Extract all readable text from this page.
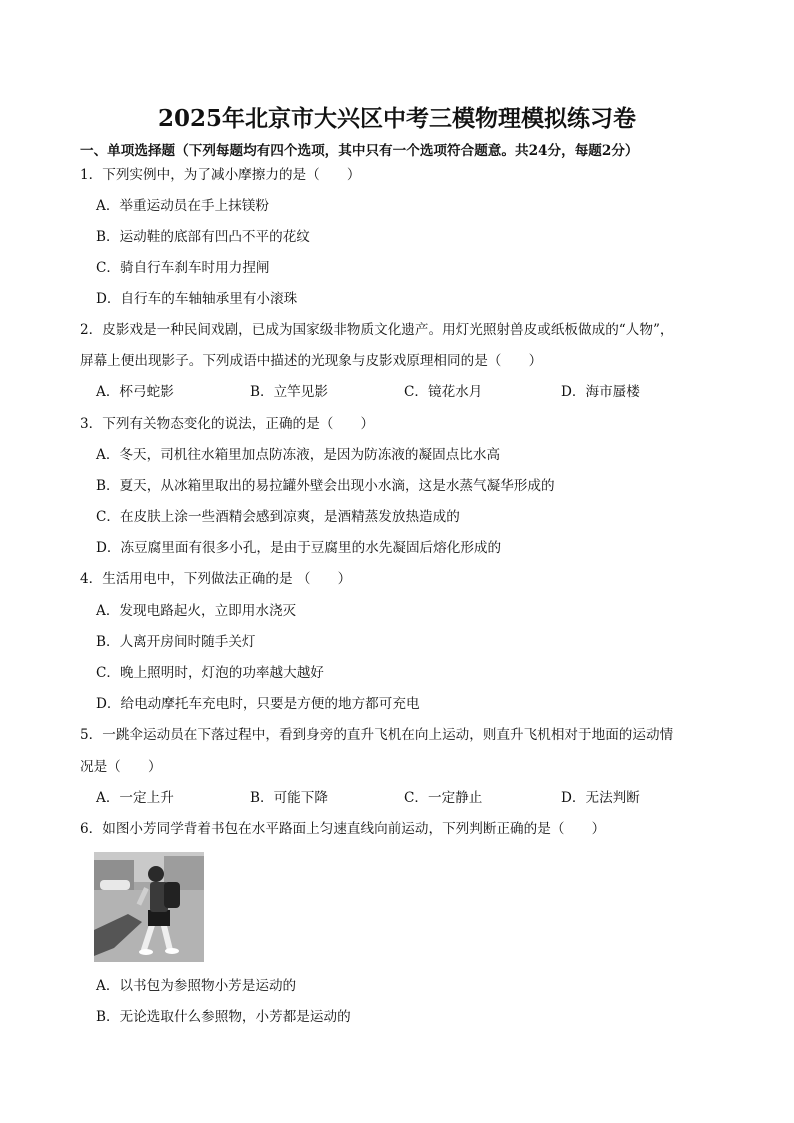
2025年北京市大兴区中考三模物理模拟练习卷
一、单项选择题（下列每题均有四个选项，其中只有一个选项符合题意。共24分，每题2分）
1．下列实例中，为了减小摩擦力的是（　　）
A．举重运动员在手上抹镁粉
B．运动鞋的底部有凹凸不平的花纹
C．骑自行车刹车时用力捏闸
D．自行车的车轴轴承里有小滚珠
2．皮影戏是一种民间戏剧，已成为国家级非物质文化遗产。用灯光照射兽皮或纸板做成的“人物”，
屏幕上便出现影子。下列成语中描述的光现象与皮影戏原理相同的是（　　）
A．杯弓蛇影	B．立竿见影	C．镜花水月	D．海市蜃楼
3．下列有关物态变化的说法，正确的是（　　）
A．冬天，司机往水箱里加点防冻液，是因为防冻液的凝固点比水高
B．夏天，从冰箱里取出的易拉罐外壁会出现小水滴，这是水蒸气凝华形成的
C．在皮肤上涂一些酒精会感到凉爽，是酒精蒸发放热造成的
D．冻豆腐里面有很多小孔，是由于豆腐里的水先凝固后熔化形成的
4．生活用电中，下列做法正确的是 （　　）
A．发现电路起火，立即用水浇灭
B．人离开房间时随手关灯
C．晚上照明时，灯泡的功率越大越好
D．给电动摩托车充电时，只要是方便的地方都可充电
5．一跳伞运动员在下落过程中，看到身旁的直升飞机在向上运动，则直升飞机相对于地面的运动情
况是（　　）
A．一定上升	B．可能下降	C．一定静止	D．无法判断
6．如图小芳同学背着书包在水平路面上匀速直线向前运动，下列判断正确的是（　　）
A．以书包为参照物小芳是运动的
B．无论选取什么参照物，小芳都是运动的
